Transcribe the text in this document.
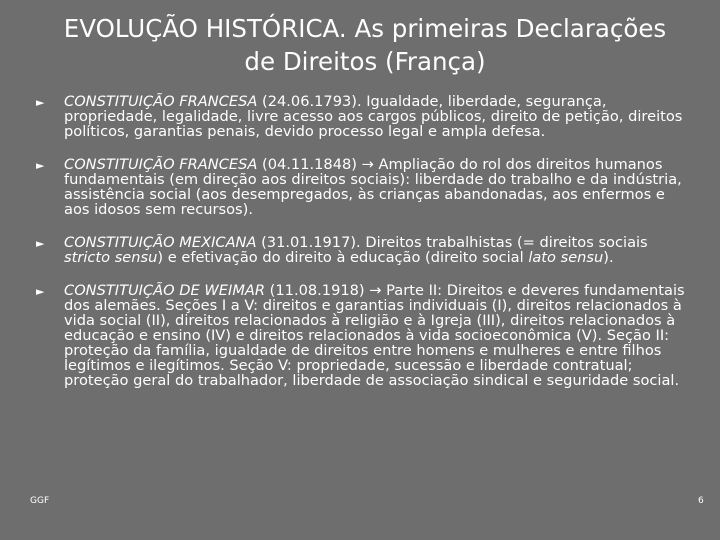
EVOLUÇÃO HISTÓRICA. As primeiras Declarações
de Direitos (França)
► CONSTITUIÇÃO FRANCESA (24.06.1793). Igualdade, liberdade, segurança, propriedade, legalidade, livre acesso aos cargos públicos, direito de petição, direitos políticos, garantias penais, devido processo legal e ampla defesa.
► CONSTITUIÇÃO FRANCESA (04.11.1848) → Ampliação do rol dos direitos humanos fundamentais (em direção aos direitos sociais): liberdade do trabalho e da indústria, assistência social (aos desempregados, às crianças abandonadas, aos enfermos e aos idosos sem recursos).
► CONSTITUIÇÃO MEXICANA (31.01.1917). Direitos trabalhistas (= direitos sociais stricto sensu) e efetivação do direito à educação (direito social lato sensu).
► CONSTITUIÇÃO DE WEIMAR (11.08.1918) → Parte II: Direitos e deveres fundamentais dos alemães. Seções I a V: direitos e garantias individuais (I), direitos relacionados à vida social (II), direitos relacionados à religião e à Igreja (III), direitos relacionados à educação e ensino (IV) e direitos relacionados à vida socioeconômica (V). Seção II: proteção da família, igualdade de direitos entre homens e mulheres e entre filhos legítimos e ilegítimos. Seção V: propriedade, sucessão e liberdade contratual; proteção geral do trabalhador, liberdade de associação sindical e seguridade social.
GGF	6
